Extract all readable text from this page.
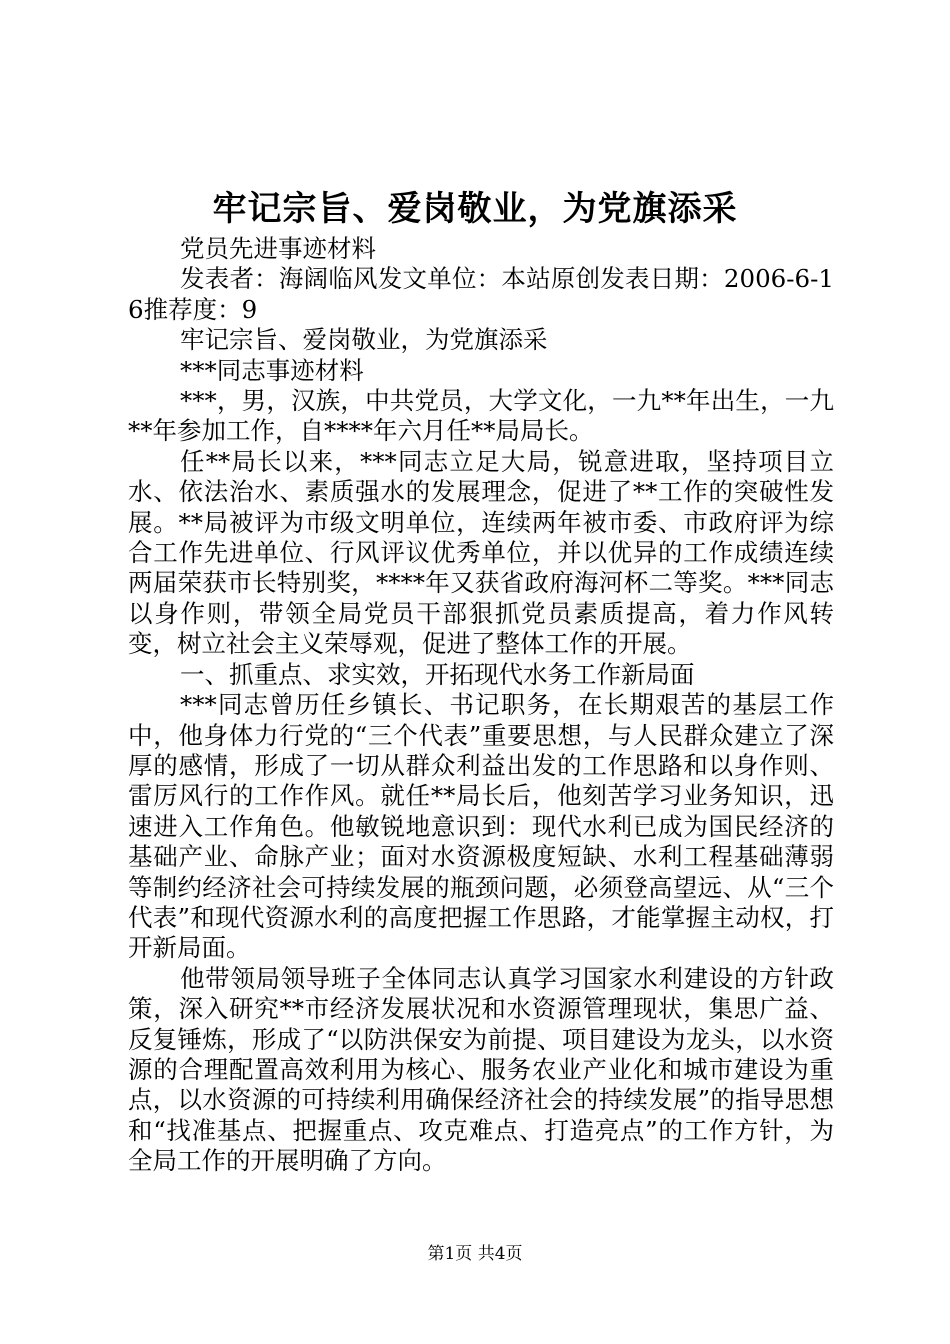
牢记宗旨、爱岗敬业，为党旗添采

党员先进事迹材料

发表者：海阔临风发文单位：本站原创发表日期：2006-6-16推荐度：9

牢记宗旨、爱岗敬业，为党旗添采

***同志事迹材料

***，男，汉族，中共党员，大学文化，一九**年出生，一九**年参加工作，自****年六月任**局局长。

任**局长以来，***同志立足大局，锐意进取，坚持项目立水、依法治水、素质强水的发展理念，促进了**工作的突破性发展。**局被评为市级文明单位，连续两年被市委、市政府评为综合工作先进单位、行风评议优秀单位，并以优异的工作成绩连续两届荣获市长特别奖，****年又获省政府海河杯二等奖。***同志以身作则，带领全局党员干部狠抓党员素质提高，着力作风转变，树立社会主义荣辱观，促进了整体工作的开展。

一、抓重点、求实效，开拓现代水务工作新局面

***同志曾历任乡镇长、书记职务，在长期艰苦的基层工作中，他身体力行党的“三个代表”重要思想，与人民群众建立了深厚的感情，形成了一切从群众利益出发的工作思路和以身作则、雷厉风行的工作作风。就任**局长后，他刻苦学习业务知识，迅速进入工作角色。他敏锐地意识到：现代水利已成为国民经济的基础产业、命脉产业；面对水资源极度短缺、水利工程基础薄弱等制约经济社会可持续发展的瓶颈问题，必须登高望远、从“三个代表”和现代资源水利的高度把握工作思路，才能掌握主动权，打开新局面。

他带领局领导班子全体同志认真学习国家水利建设的方针政策，深入研究**市经济发展状况和水资源管理现状，集思广益、反复锤炼，形成了“以防洪保安为前提、项目建设为龙头，以水资源的合理配置高效利用为核心、服务农业产业化和城市建设为重点，以水资源的可持续利用确保经济社会的持续发展”的指导思想和“找准基点、把握重点、攻克难点、打造亮点”的工作方针，为全局工作的开展明确了方向。

第1页 共4页
